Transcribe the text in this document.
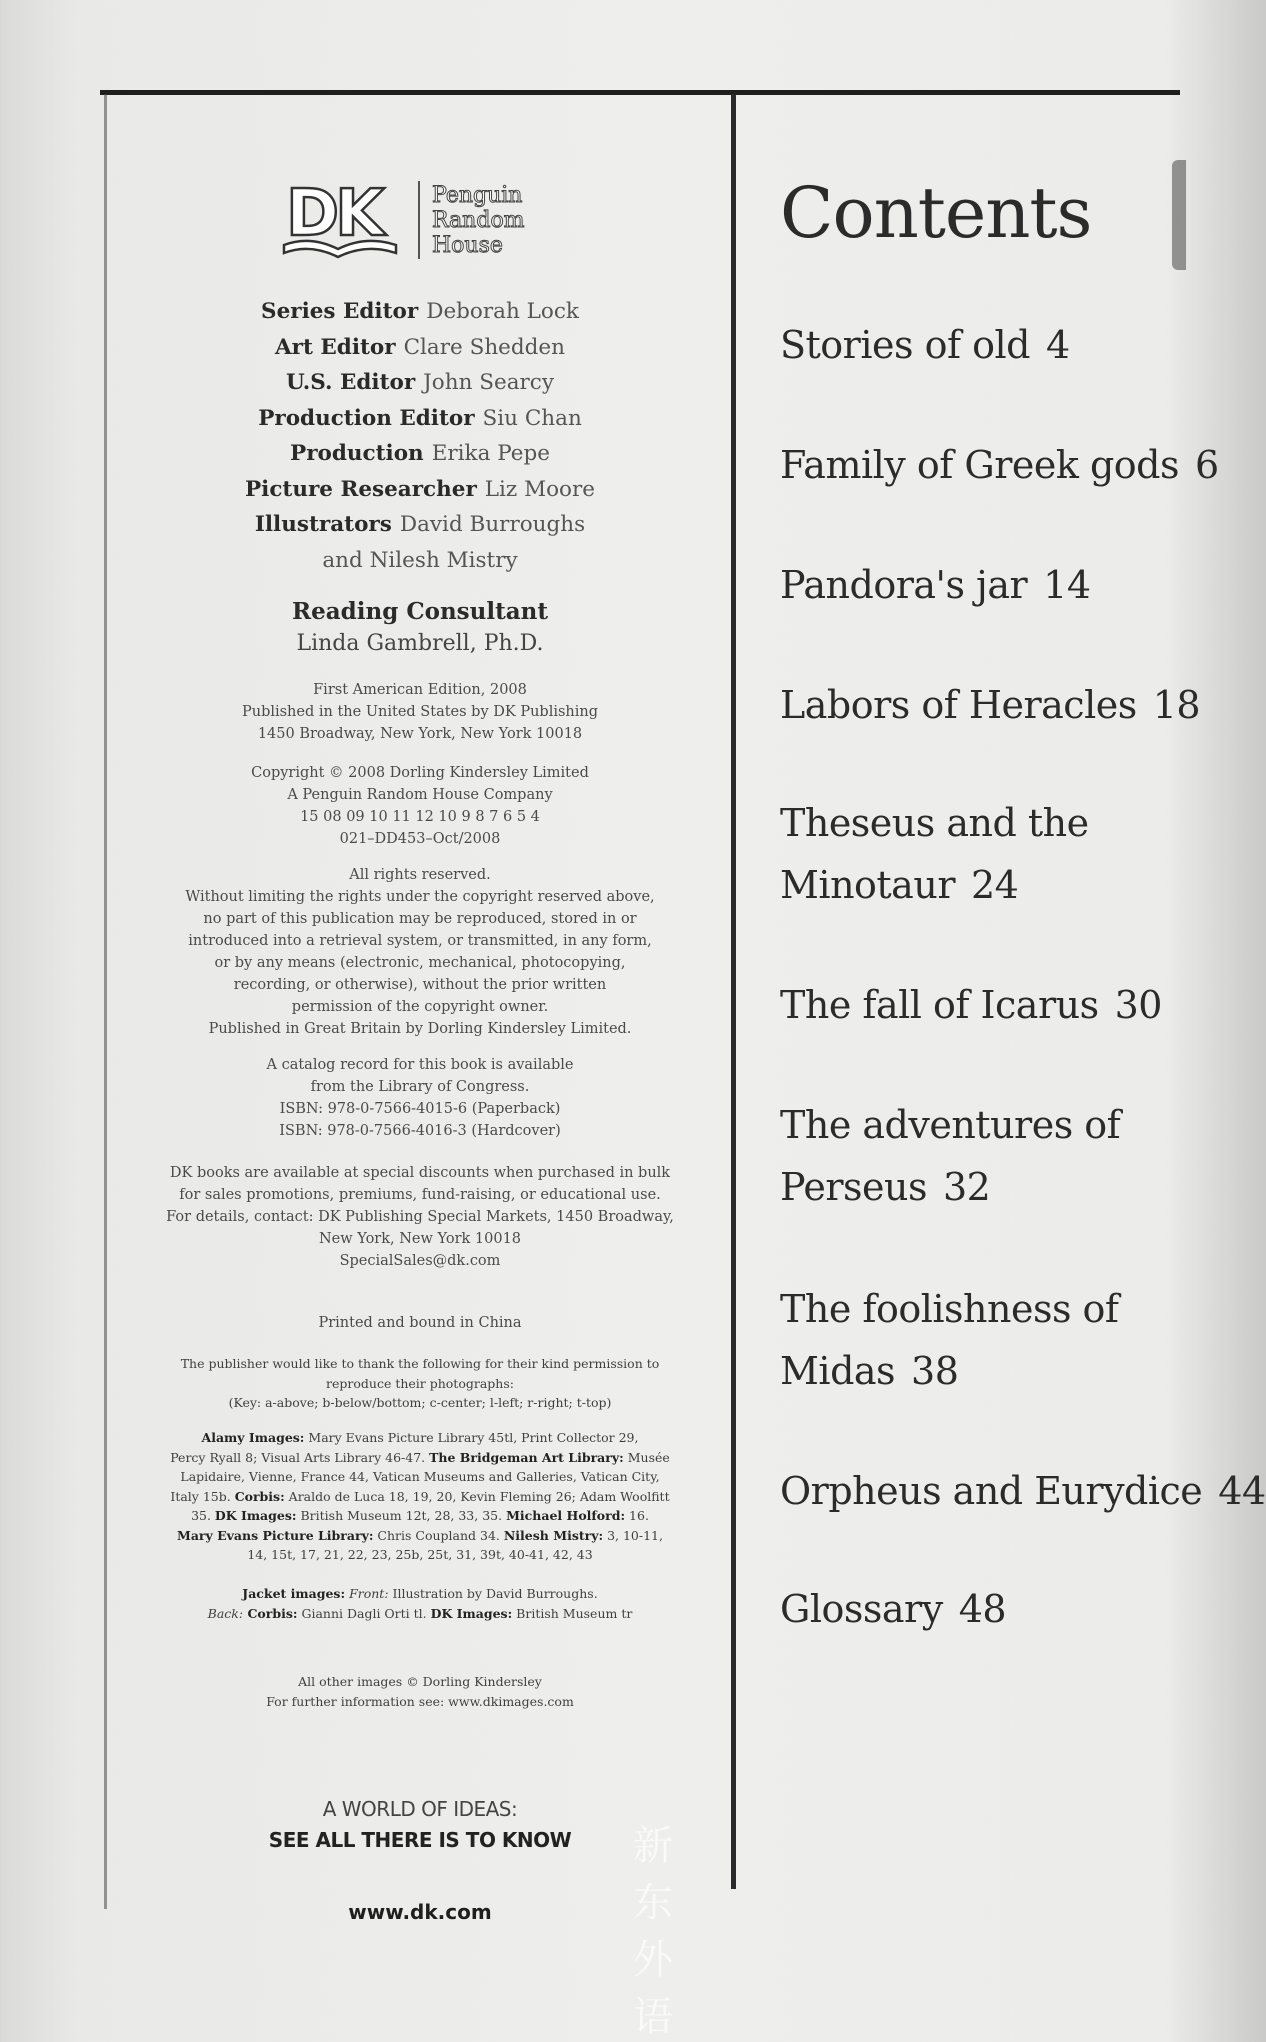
DK Penguin
Random
House
Series Editor Deborah Lock
Art Editor Clare Shedden
U.S. Editor John Searcy
Production Editor Siu Chan
Production Erika Pepe
Picture Researcher Liz Moore
Illustrators David Burroughs
and Nilesh Mistry
Reading Consultant
Linda Gambrell, Ph.D.
First American Edition, 2008
Published in the United States by DK Publishing
1450 Broadway, New York, New York 10018
Copyright © 2008 Dorling Kindersley Limited
A Penguin Random House Company
15 08 09 10 11 12 10 9 8 7 6 5 4
021–DD453–Oct/2008
All rights reserved.
Without limiting the rights under the copyright reserved above,
no part of this publication may be reproduced, stored in or
introduced into a retrieval system, or transmitted, in any form,
or by any means (electronic, mechanical, photocopying,
recording, or otherwise), without the prior written
permission of the copyright owner.
Published in Great Britain by Dorling Kindersley Limited.
A catalog record for this book is available
from the Library of Congress.
ISBN: 978-0-7566-4015-6 (Paperback)
ISBN: 978-0-7566-4016-3 (Hardcover)
DK books are available at special discounts when purchased in bulk
for sales promotions, premiums, fund-raising, or educational use.
For details, contact: DK Publishing Special Markets, 1450 Broadway,
New York, New York 10018
SpecialSales@dk.com
Printed and bound in China
The publisher would like to thank the following for their kind permission to
reproduce their photographs:
(Key: a-above; b-below/bottom; c-center; l-left; r-right; t-top)
Alamy Images: Mary Evans Picture Library 45tl, Print Collector 29,
Percy Ryall 8; Visual Arts Library 46-47. The Bridgeman Art Library: Musée
Lapidaire, Vienne, France 44, Vatican Museums and Galleries, Vatican City,
Italy 15b. Corbis: Araldo de Luca 18, 19, 20, Kevin Fleming 26; Adam Woolfitt
35. DK Images: British Museum 12t, 28, 33, 35. Michael Holford: 16.
Mary Evans Picture Library: Chris Coupland 34. Nilesh Mistry: 3, 10-11,
14, 15t, 17, 21, 22, 23, 25b, 25t, 31, 39t, 40-41, 42, 43
Jacket images: Front: Illustration by David Burroughs.
Back: Corbis: Gianni Dagli Orti tl. DK Images: British Museum tr
All other images © Dorling Kindersley
For further information see: www.dkimages.com
A WORLD OF IDEAS:
SEE ALL THERE IS TO KNOW
www.dk.com
新 东 外 语
Contents
Stories of old 4
Family of Greek gods 6
Pandora's jar 14
Labors of Heracles 18
Theseus and the
Minotaur 24
The fall of Icarus 30
The adventures of
Perseus 32
The foolishness of
Midas 38
Orpheus and Eurydice 44
Glossary 48
